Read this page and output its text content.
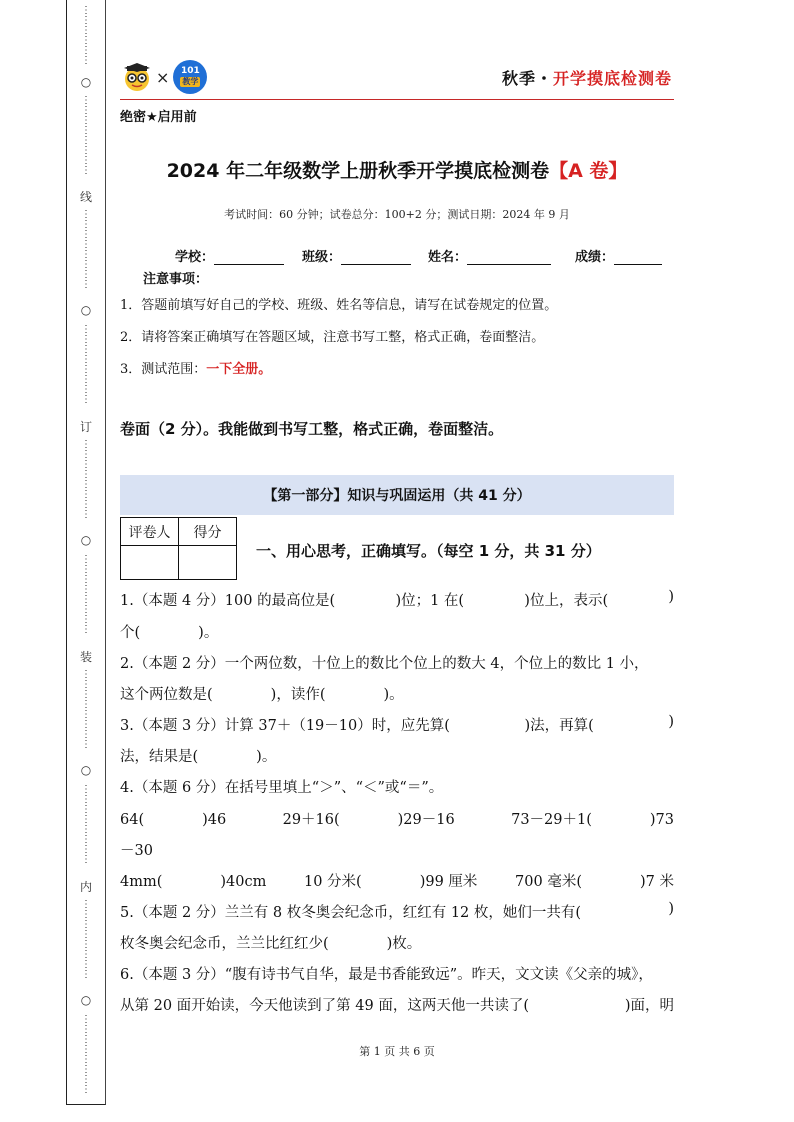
⋮
⋮
⋮
⋮
⋮
⋮
○
⋮
⋮
⋮
⋮
⋮
⋮
⋮
⋮
线
⋮
⋮
⋮
⋮
⋮
⋮
⋮
⋮
○
⋮
⋮
⋮
⋮
⋮
⋮
⋮
⋮
订
⋮
⋮
⋮
⋮
⋮
⋮
⋮
⋮
○
⋮
⋮
⋮
⋮
⋮
⋮
⋮
⋮
装
⋮
⋮
⋮
⋮
⋮
⋮
⋮
⋮
○
⋮
⋮
⋮
⋮
⋮
⋮
⋮
⋮
内
⋮
⋮
⋮
⋮
⋮
⋮
⋮
⋮
○
⋮
⋮
⋮
⋮
⋮
⋮
⋮
⋮
× 101
教学	秋季・开学摸底检测卷
绝密★启用前
2024 年二年级数学上册秋季开学摸底检测卷【A 卷】
考试时间：60 分钟；试卷总分：100+2 分；测试日期：2024 年 9 月
学校：	班级：	姓名：	成绩：
注意事项：
1．答题前填写好自己的学校、班级、姓名等信息，请写在试卷规定的位置。
2．请将答案正确填写在答题区域，注意书写工整，格式正确，卷面整洁。
3．测试范围：一下全册。
卷面（2 分）。我能做到书写工整，格式正确，卷面整洁。
【第一部分】知识与巩固运用（共 41 分）
评卷人	得分

一、用心思考，正确填写。（每空 1 分，共 31 分）
1.（本题 4 分）100 的最高位是(	)位；1 在(	)位上，表示(	)
个(　　　　)。
2.（本题 2 分）一个两位数，十位上的数比个位上的数大 4，个位上的数比 1 小，
这个两位数是(　　　　)，读作(　　　　)。
3.（本题 3 分）计算 37＋（19－10）时，应先算(	)法，再算(	)
法，结果是(　　　　)。
4.（本题 6 分）在括号里填上“＞”、“＜”或“＝”。
64(　　　　)46	29＋16(　　　　)29－16	73－29＋1(　　　　)73
－30
4mm(　　　　)40cm	10 分米(　　　　)99 厘米	700 毫米(　　　　)7 米
5.（本题 2 分）兰兰有 8 枚冬奥会纪念币，红红有 12 枚，她们一共有(	)
枚冬奥会纪念币，兰兰比红红少(　　　　)枚。
6.（本题 3 分）“腹有诗书气自华，最是书香能致远”。昨天，文文读《父亲的城》，
从第 20 面开始读，今天他读到了第 49 面，这两天他一共读了(	)面，明
第 1 页 共 6 页
